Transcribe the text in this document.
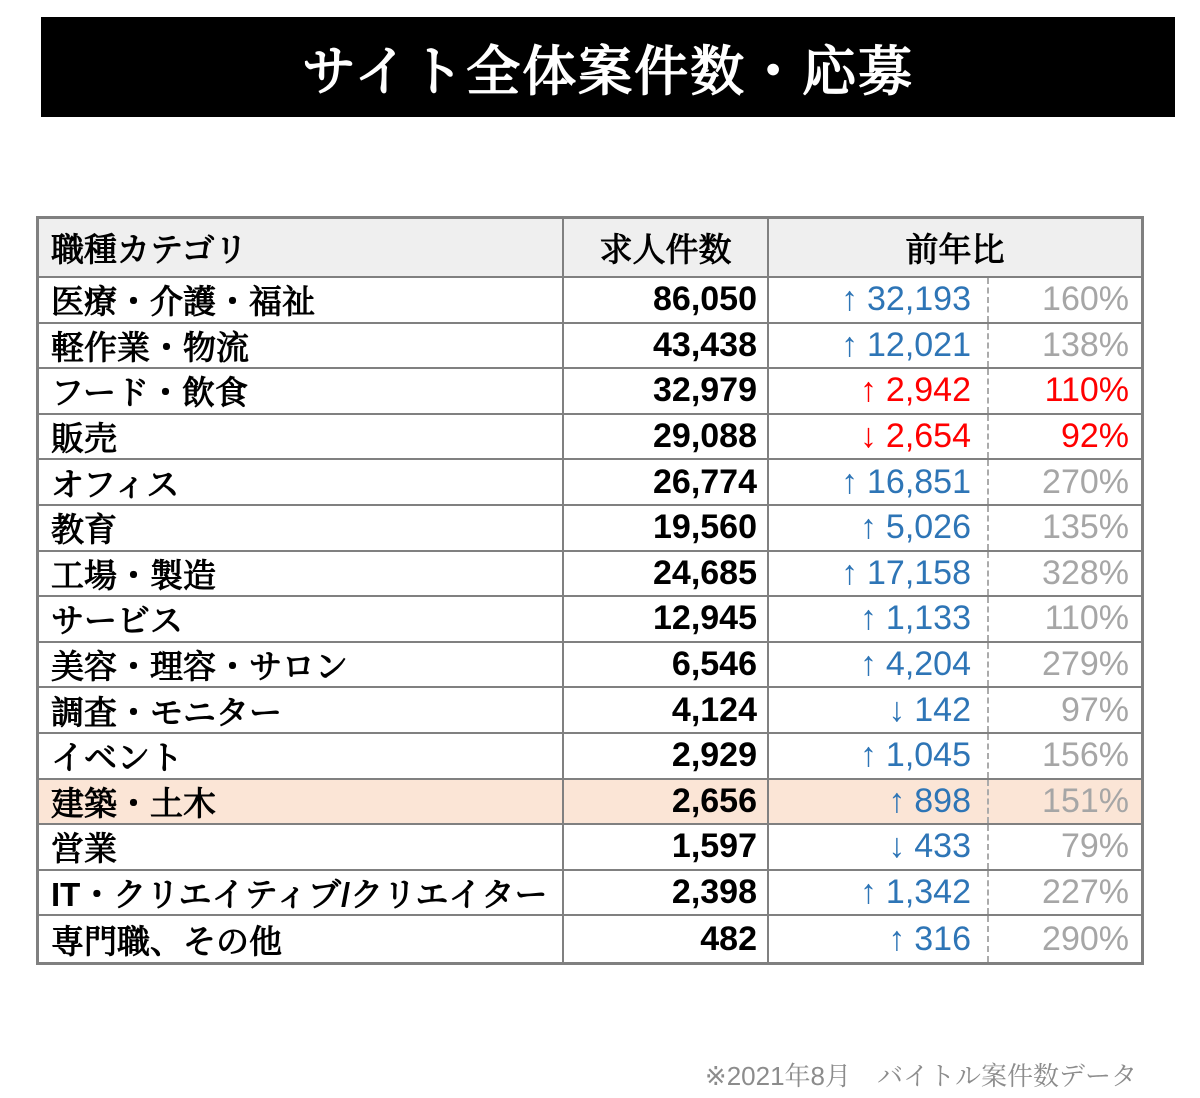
サイト全体案件数・応募
職種カテゴリ	求人件数	前年比
医療・介護・福祉	86,050	↑ 32,193	160%
軽作業・物流	43,438	↑ 12,021	138%
フード・飲食	32,979	↑ 2,942	110%
販売	29,088	↓ 2,654	92%
オフィス	26,774	↑ 16,851	270%
教育	19,560	↑ 5,026	135%
工場・製造	24,685	↑ 17,158	328%
サービス	12,945	↑ 1,133	110%
美容・理容・サロン	6,546	↑ 4,204	279%
調査・モニター	4,124	↓ 142	97%
イベント	2,929	↑ 1,045	156%
建築・土木	2,656	↑ 898	151%
営業	1,597	↓ 433	79%
IT・クリエイティブ/クリエイター	2,398	↑ 1,342	227%
専門職、その他	482	↑ 316	290%
※2021年8月　バイトル案件数データ
